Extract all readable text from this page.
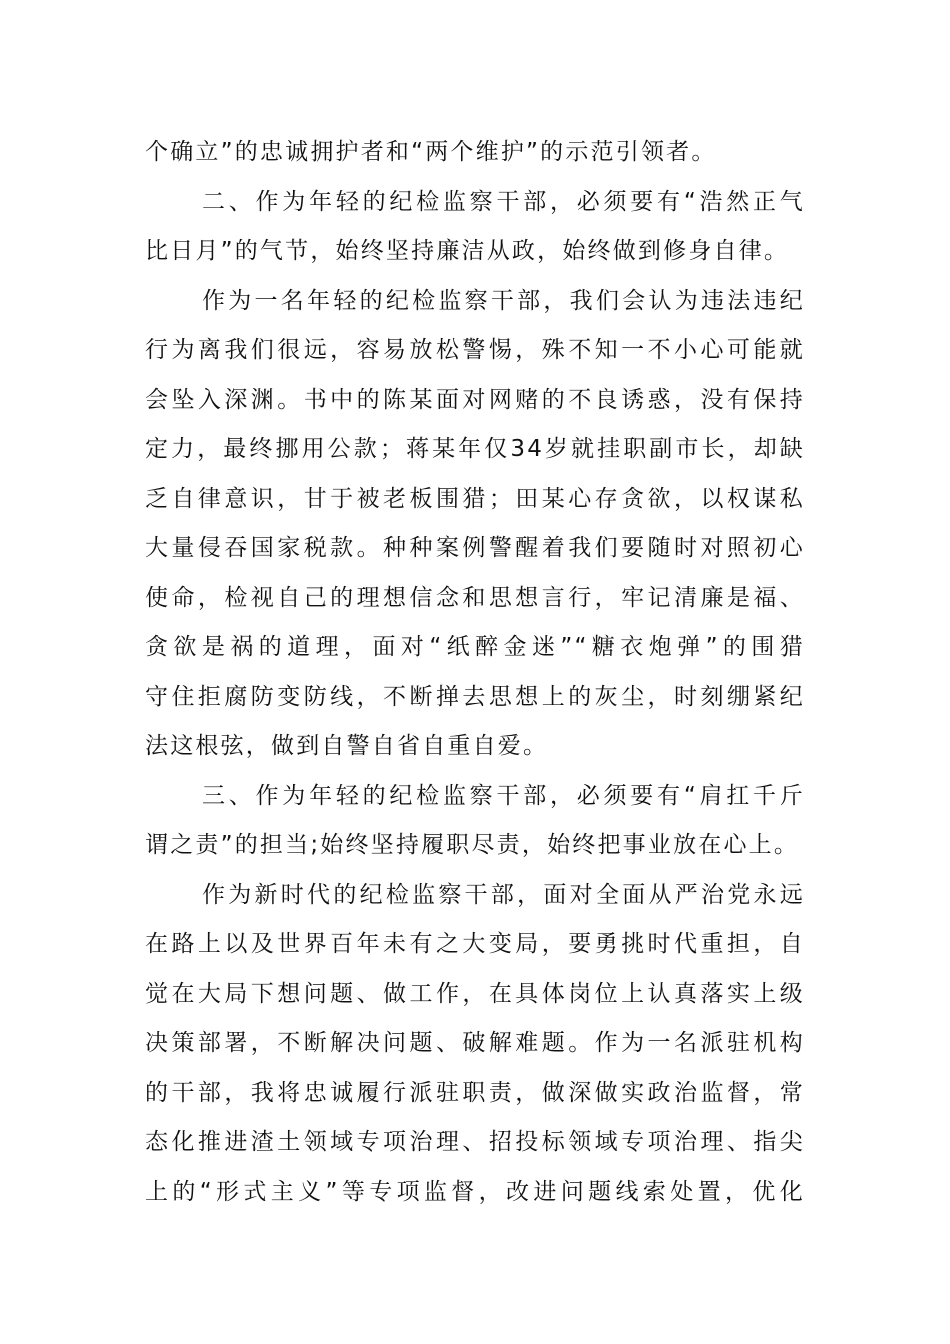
个确立”的忠诚拥护者和“两个维护”的示范引领者。
二、作为年轻的纪检监察干部，必须要有“浩然正气
比日月”的气节，始终坚持廉洁从政，始终做到修身自律。
作为一名年轻的纪检监察干部，我们会认为违法违纪
行为离我们很远，容易放松警惕，殊不知一不小心可能就
会坠入深渊。书中的陈某面对网赌的不良诱惑，没有保持
定力，最终挪用公款；蒋某年仅34岁就挂职副市长，却缺
乏自律意识，甘于被老板围猎；田某心存贪欲，以权谋私
大量侵吞国家税款。种种案例警醒着我们要随时对照初心
使命，检视自己的理想信念和思想言行，牢记清廉是福、
贪欲是祸的道理，面对“纸醉金迷”“糖衣炮弹”的围猎
守住拒腐防变防线，不断掸去思想上的灰尘，时刻绷紧纪
法这根弦，做到自警自省自重自爱。
三、作为年轻的纪检监察干部，必须要有“肩扛千斤
谓之责”的担当;始终坚持履职尽责，始终把事业放在心上。
作为新时代的纪检监察干部，面对全面从严治党永远
在路上以及世界百年未有之大变局，要勇挑时代重担，自
觉在大局下想问题、做工作，在具体岗位上认真落实上级
决策部署，不断解决问题、破解难题。作为一名派驻机构
的干部，我将忠诚履行派驻职责，做深做实政治监督，常
态化推进渣土领域专项治理、招投标领域专项治理、指尖
上的“形式主义”等专项监督，改进问题线索处置，优化
